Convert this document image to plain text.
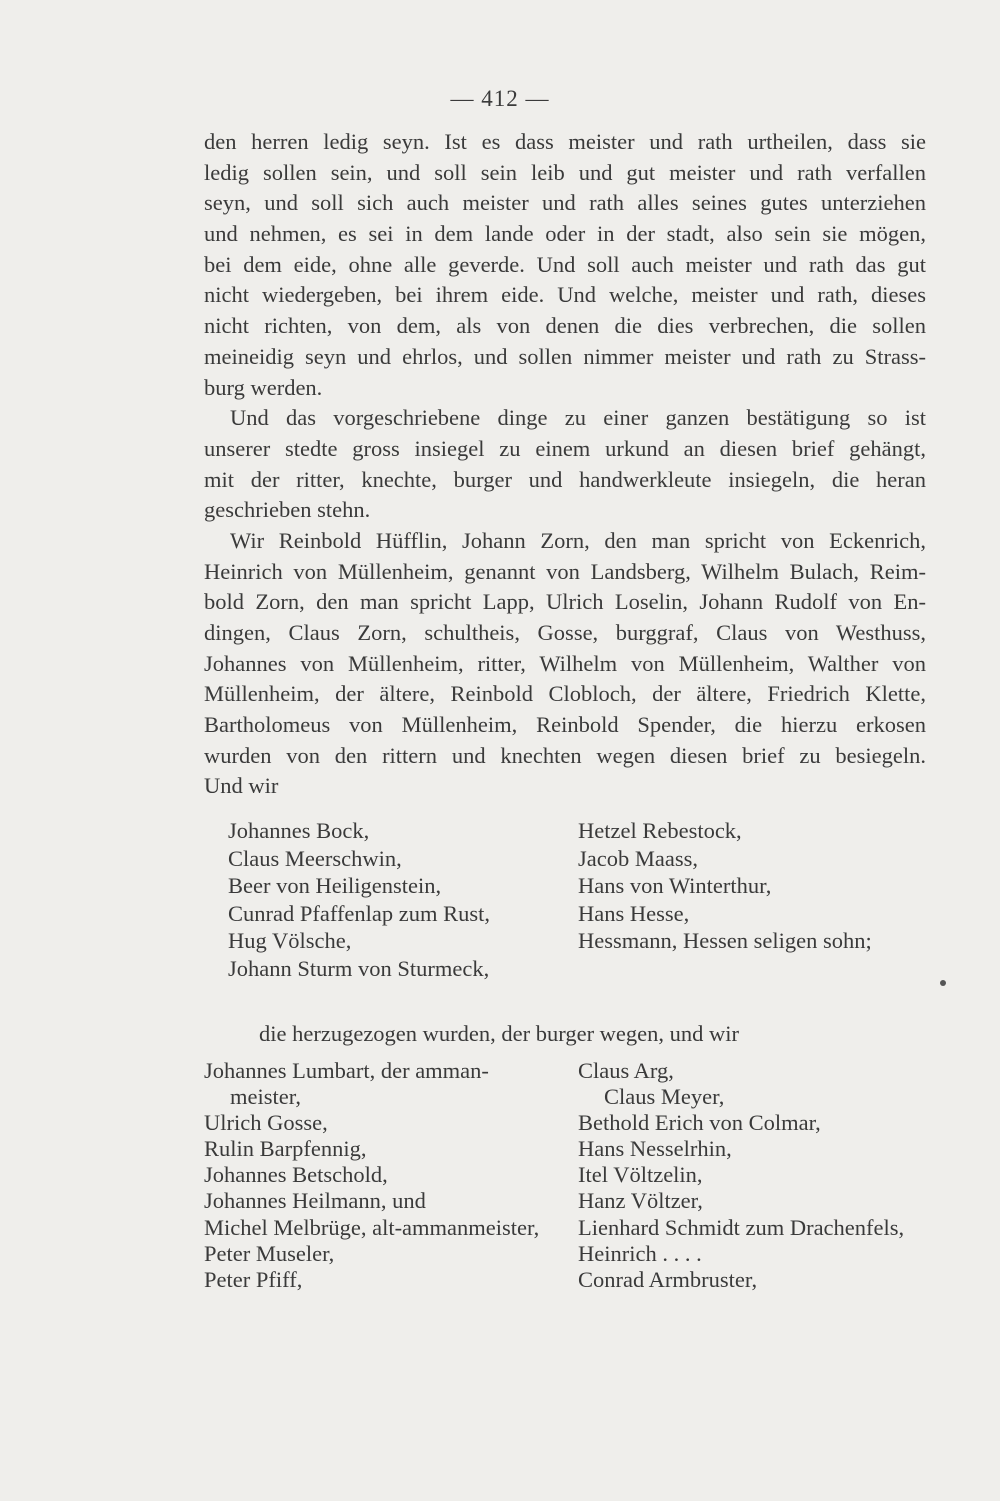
— 412 —
den herren ledig seyn. Ist es dass meister und rath urtheilen, dass sie
ledig sollen sein, und soll sein leib und gut meister und rath verfallen
seyn, und soll sich auch meister und rath alles seines gutes unterziehen
und nehmen, es sei in dem lande oder in der stadt, also sein sie mögen,
bei dem eide, ohne alle geverde. Und soll auch meister und rath das gut
nicht wiedergeben, bei ihrem eide. Und welche, meister und rath, dieses
nicht richten, von dem, als von denen die dies verbrechen, die sollen
meineidig seyn und ehrlos, und sollen nimmer meister und rath zu Strass-
burg werden.
Und das vorgeschriebene dinge zu einer ganzen bestätigung so ist
unserer stedte gross insiegel zu einem urkund an diesen brief gehängt,
mit der ritter, knechte, burger und handwerkleute insiegeln, die heran
geschrieben stehn.
Wir Reinbold Hüfflin, Johann Zorn, den man spricht von Eckenrich,
Heinrich von Müllenheim, genannt von Landsberg, Wilhelm Bulach, Reim-
bold Zorn, den man spricht Lapp, Ulrich Loselin, Johann Rudolf von En-
dingen, Claus Zorn, schultheis, Gosse, burggraf, Claus von Westhuss,
Johannes von Müllenheim, ritter, Wilhelm von Müllenheim, Walther von
Müllenheim, der ältere, Reinbold Clobloch, der ältere, Friedrich Klette,
Bartholomeus von Müllenheim, Reinbold Spender, die hierzu erkosen
wurden von den rittern und knechten wegen diesen brief zu besiegeln.
Und wir
Johannes Bock,	Hetzel Rebestock,
Claus Meerschwin,	Jacob Maass,
Beer von Heiligenstein,	Hans von Winterthur,
Cunrad Pfaffenlap zum Rust,	Hans Hesse,
Hug Völsche,	Hessmann, Hessen seligen sohn;
Johann Sturm von Sturmeck,
die herzugezogen wurden, der burger wegen, und wir
Johannes Lumbart, der amman-	Claus Arg,
meister,	Claus Meyer,
Ulrich Gosse,	Bethold Erich von Colmar,
Rulin Barpfennig,	Hans Nesselrhin,
Johannes Betschold,	Itel Völtzelin,
Johannes Heilmann, und	Hanz Völtzer,
Michel Melbrüge, alt-ammanmeister,	Lienhard Schmidt zum Drachenfels,
Peter Museler,	Heinrich . . . .
Peter Pfiff,	Conrad Armbruster,
